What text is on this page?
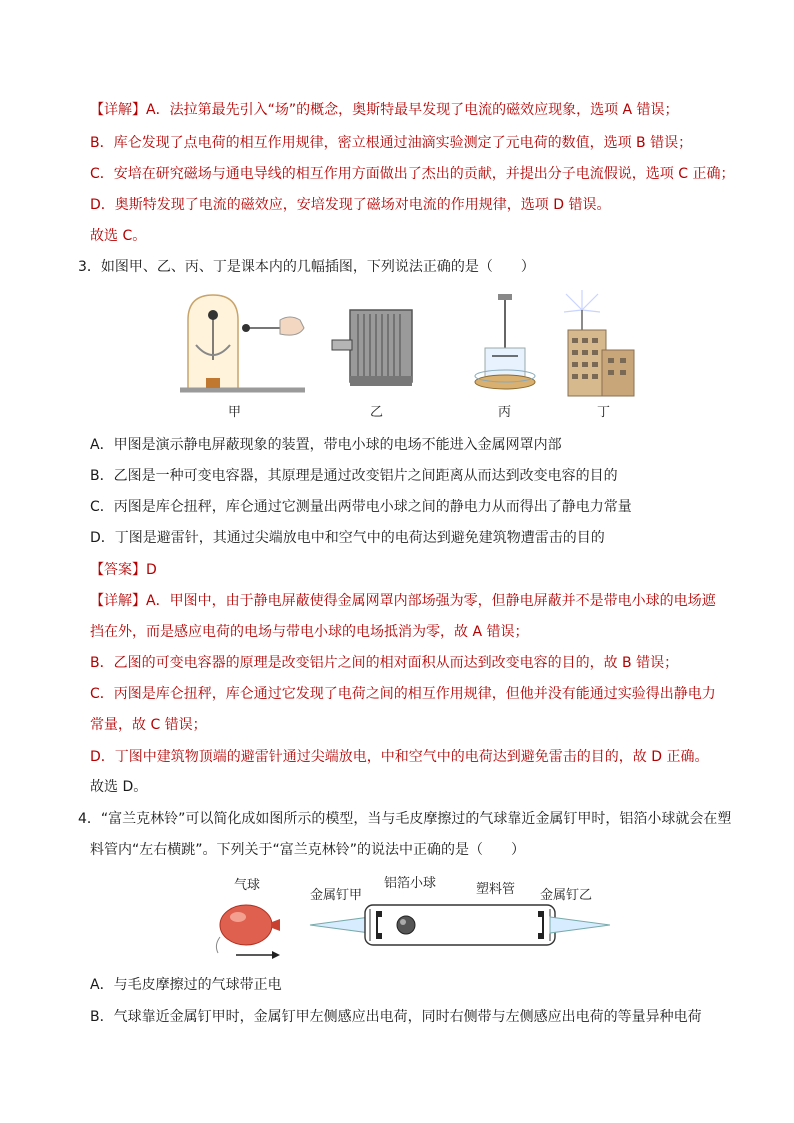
【详解】A．法拉第最先引入“场”的概念，奥斯特最早发现了电流的磁效应现象，选项 A 错误；
B．库仑发现了点电荷的相互作用规律，密立根通过油滴实验测定了元电荷的数值，选项 B 错误；
C．安培在研究磁场与通电导线的相互作用方面做出了杰出的贡献，并提出分子电流假说，选项 C 正确；
D．奥斯特发现了电流的磁效应，安培发现了磁场对电流的作用规律，选项 D 错误。
故选 C。
3．如图甲、乙、丙、丁是课本内的几幅插图，下列说法正确的是（　　）
甲	乙	丙	丁
A．甲图是演示静电屏蔽现象的装置，带电小球的电场不能进入金属网罩内部
B．乙图是一种可变电容器，其原理是通过改变铝片之间距离从而达到改变电容的目的
C．丙图是库仑扭秤，库仑通过它测量出两带电小球之间的静电力从而得出了静电力常量
D．丁图是避雷针，其通过尖端放电中和空气中的电荷达到避免建筑物遭雷击的目的
【答案】D
【详解】A．甲图中，由于静电屏蔽使得金属网罩内部场强为零，但静电屏蔽并不是带电小球的电场遮
挡在外，而是感应电荷的电场与带电小球的电场抵消为零，故 A 错误；
B．乙图的可变电容器的原理是改变铝片之间的相对面积从而达到改变电容的目的，故 B 错误；
C．丙图是库仑扭秤，库仑通过它发现了电荷之间的相互作用规律，但他并没有能通过实验得出静电力
常量，故 C 错误；
D．丁图中建筑物顶端的避雷针通过尖端放电，中和空气中的电荷达到避免雷击的目的，故 D 正确。
故选 D。
4．“富兰克林铃”可以简化成如图所示的模型，当与毛皮摩擦过的气球靠近金属钉甲时，铝箔小球就会在塑
料管内“左右横跳”。下列关于“富兰克林铃”的说法中正确的是（　　）
气球
金属钉甲
铝箔小球	塑料管 金属钉乙
A．与毛皮摩擦过的气球带正电
B．气球靠近金属钉甲时，金属钉甲左侧感应出电荷，同时右侧带与左侧感应出电荷的等量异种电荷
